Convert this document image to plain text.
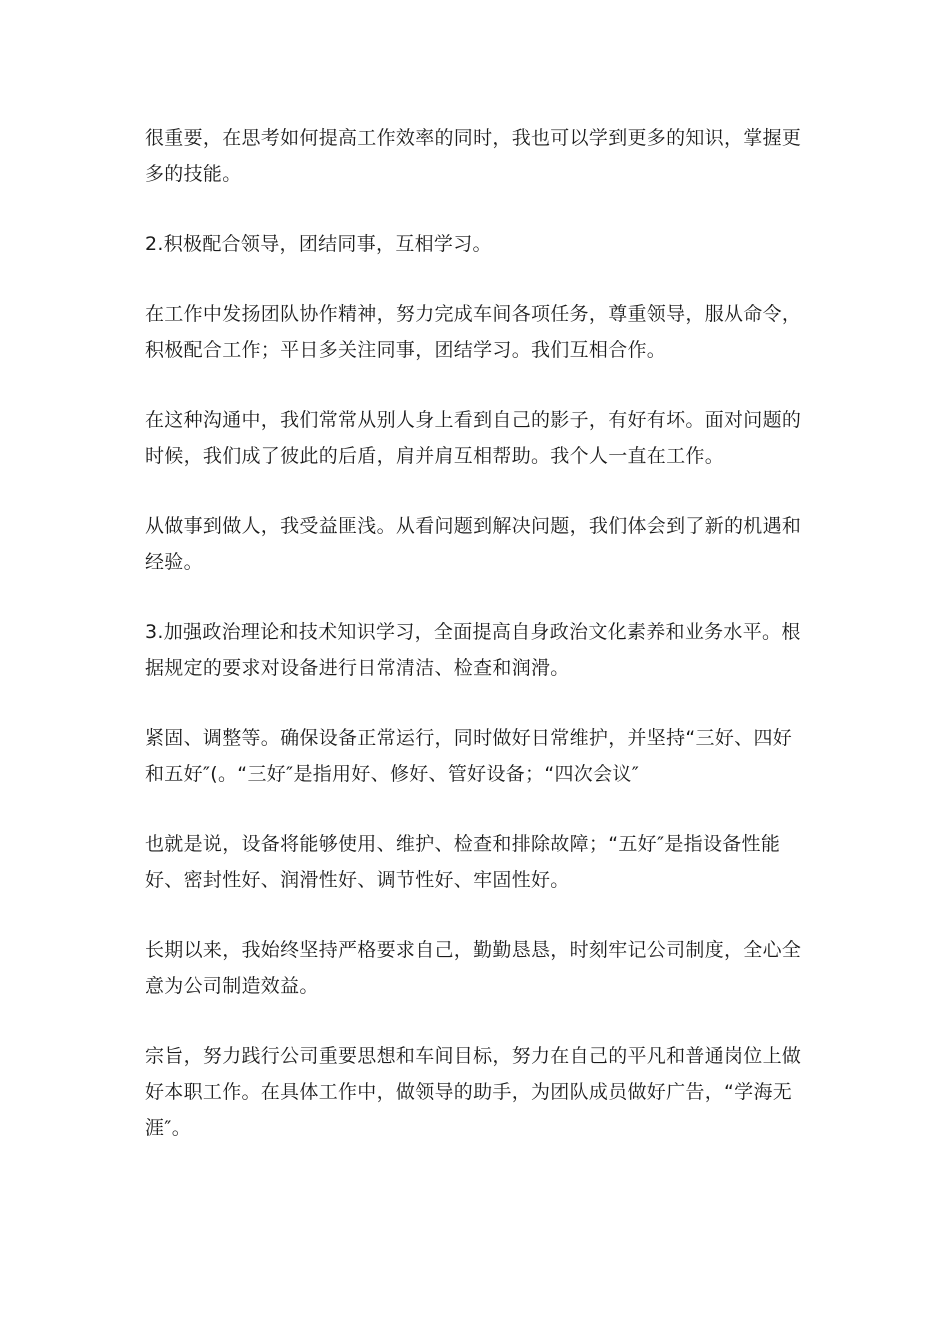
很重要，在思考如何提高工作效率的同时，我也可以学到更多的知识，掌握更
多的技能。
2.积极配合领导，团结同事，互相学习。
在工作中发扬团队协作精神，努力完成车间各项任务，尊重领导，服从命令，
积极配合工作；平日多关注同事，团结学习。我们互相合作。
在这种沟通中，我们常常从别人身上看到自己的影子，有好有坏。面对问题的
时候，我们成了彼此的后盾，肩并肩互相帮助。我个人一直在工作。
从做事到做人，我受益匪浅。从看问题到解决问题，我们体会到了新的机遇和
经验。
3.加强政治理论和技术知识学习，全面提高自身政治文化素养和业务水平。根
据规定的要求对设备进行日常清洁、检查和润滑。
紧固、调整等。确保设备正常运行，同时做好日常维护，并坚持“三好、四好
和五好″(。“三好″是指用好、修好、管好设备；“四次会议″
也就是说，设备将能够使用、维护、检查和排除故障；“五好″是指设备性能
好、密封性好、润滑性好、调节性好、牢固性好。
长期以来，我始终坚持严格要求自己，勤勤恳恳，时刻牢记公司制度，全心全
意为公司制造效益。
宗旨，努力践行公司重要思想和车间目标，努力在自己的平凡和普通岗位上做
好本职工作。在具体工作中，做领导的助手，为团队成员做好广告，“学海无
涯″。
